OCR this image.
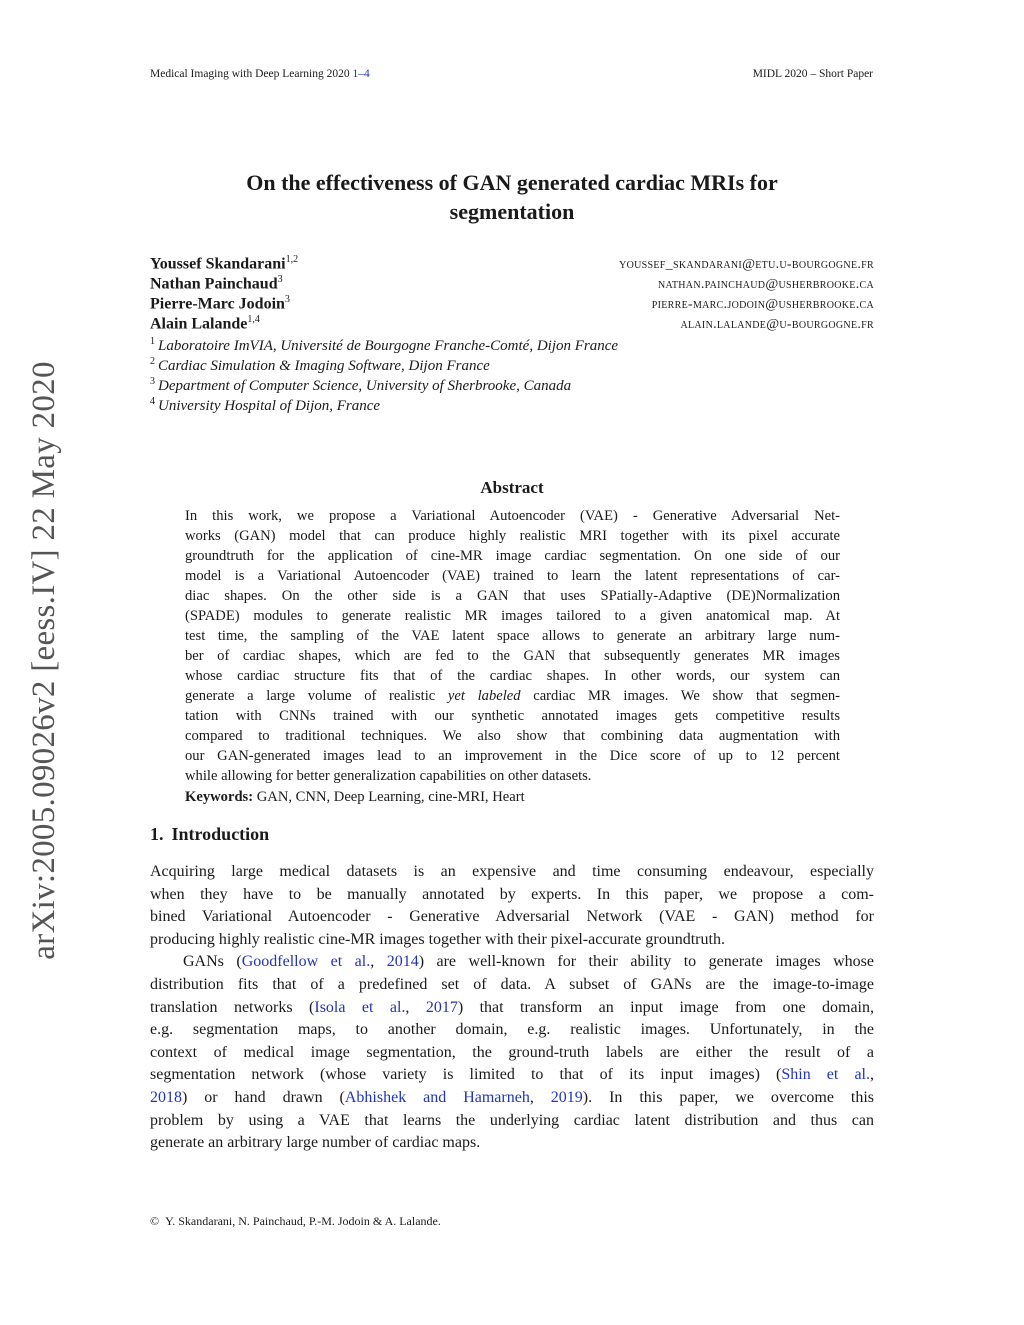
Medical Imaging with Deep Learning 2020 1–4	MIDL 2020 – Short Paper
arXiv:2005.09026v2 [eess.IV] 22 May 2020
On the effectiveness of GAN generated cardiac MRIs for
segmentation
Youssef Skandarani$^{1,2}$	youssef_skandarani@etu.u-bourgogne.fr
Nathan Painchaud$^3$	nathan.painchaud@usherbrooke.ca
Pierre-Marc Jodoin$^3$	pierre-marc.jodoin@usherbrooke.ca
Alain Lalande$^{1,4}$	alain.lalande@u-bourgogne.fr
$^1$ Laboratoire ImVIA, Université de Bourgogne Franche-Comté, Dijon France
$^2$ Cardiac Simulation & Imaging Software, Dijon France
$^3$ Department of Computer Science, University of Sherbrooke, Canada
$^4$ University Hospital of Dijon, France
Abstract
In this work, we propose a Variational Autoencoder (VAE) - Generative Adversarial Net-
works (GAN) model that can produce highly realistic MRI together with its pixel accurate
groundtruth for the application of cine-MR image cardiac segmentation. On one side of our
model is a Variational Autoencoder (VAE) trained to learn the latent representations of car-
diac shapes. On the other side is a GAN that uses SPatially-Adaptive (DE)Normalization
(SPADE) modules to generate realistic MR images tailored to a given anatomical map. At
test time, the sampling of the VAE latent space allows to generate an arbitrary large num-
ber of cardiac shapes, which are fed to the GAN that subsequently generates MR images
whose cardiac structure fits that of the cardiac shapes. In other words, our system can
generate a large volume of realistic yet labeled cardiac MR images. We show that segmen-
tation with CNNs trained with our synthetic annotated images gets competitive results
compared to traditional techniques. We also show that combining data augmentation with
our GAN-generated images lead to an improvement in the Dice score of up to 12 percent
while allowing for better generalization capabilities on other datasets.
Keywords: GAN, CNN, Deep Learning, cine-MRI, Heart
1. Introduction
Acquiring large medical datasets is an expensive and time consuming endeavour, especially
when they have to be manually annotated by experts. In this paper, we propose a com-
bined Variational Autoencoder - Generative Adversarial Network (VAE - GAN) method for
producing highly realistic cine-MR images together with their pixel-accurate groundtruth.
GANs (Goodfellow et al., 2014) are well-known for their ability to generate images whose
distribution fits that of a predefined set of data. A subset of GANs are the image-to-image
translation networks (Isola et al., 2017) that transform an input image from one domain,
e.g. segmentation maps, to another domain, e.g. realistic images. Unfortunately, in the
context of medical image segmentation, the ground-truth labels are either the result of a
segmentation network (whose variety is limited to that of its input images) (Shin et al.,
2018) or hand drawn (Abhishek and Hamarneh, 2019). In this paper, we overcome this
problem by using a VAE that learns the underlying cardiac latent distribution and thus can
generate an arbitrary large number of cardiac maps.
© Y. Skandarani, N. Painchaud, P.-M. Jodoin & A. Lalande.
